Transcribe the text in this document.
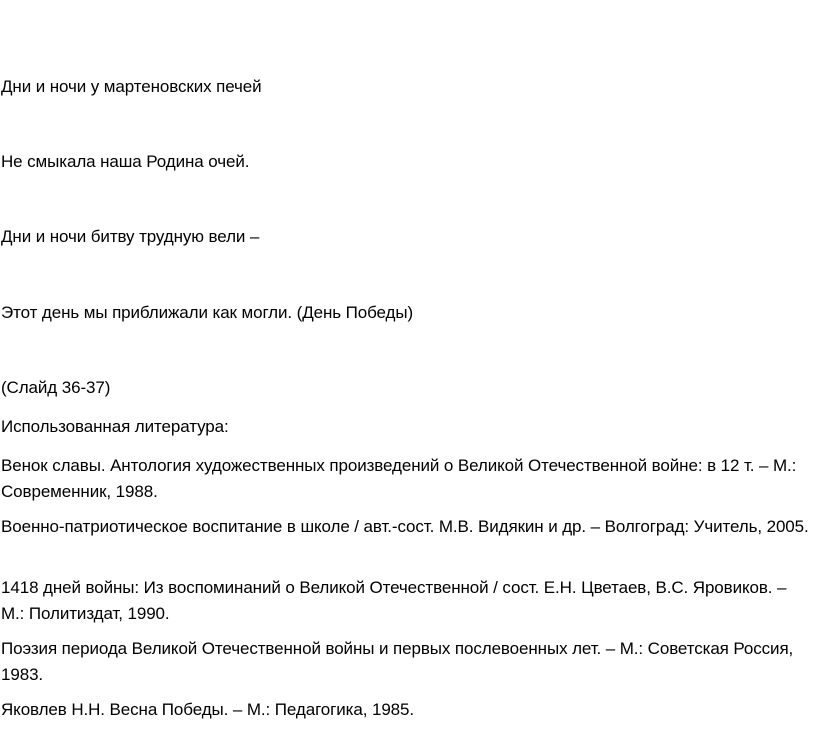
Дни и ночи у мартеновских печей

Не смыкала наша Родина очей.

Дни и ночи битву трудную вели –

Этот день мы приближали как могли. (День Победы)

(Слайд 36-37)

Использованная литература:

Венок славы. Антология художественных произведений о Великой Отечественной войне: в 12 т. – М.: Современник, 1988.

Военно-патриотическое воспитание в школе / авт.-сост. М.В. Видякин и др. – Волгоград: Учитель, 2005.

1418 дней войны: Из воспоминаний о Великой Отечественной / сост. Е.Н. Цветаев, В.С. Яровиков. – М.: Политиздат, 1990.

Поэзия периода Великой Отечественной войны и первых послевоенных лет. – М.: Советская Россия, 1983.

Яковлев Н.Н. Весна Победы. – М.: Педагогика, 1985.
